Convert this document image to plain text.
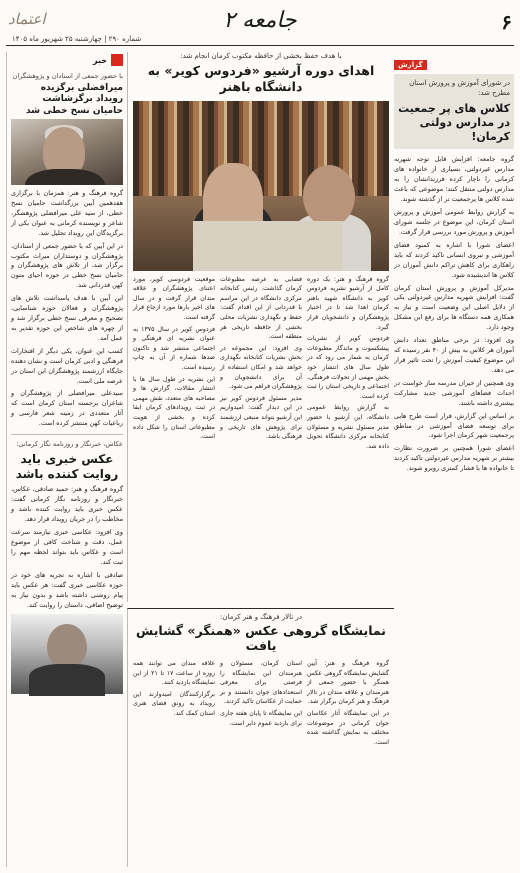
۶
جامعه ۲
اعتماد
شماره ۲۹۰ | چهارشنبه ۲۵ شهریور ماه ۱۴۰۵
خبر
با حضور جمعی از استادان و پژوهشگران
میرافضلی برگزیده رویداد برگزشاشت حامیان نسخ خطی شد

گروه فرهنگ و هنر: همزمان با برگزاری هفدهمین آیین بزرگداشت حامیان نسخ خطی، از سید علی میرافضلی پژوهشگر، شاعر و نویسنده کرمانی به عنوان یکی از برگزیدگان این رویداد تجلیل شد.

در این آیین که با حضور جمعی از استادان، پژوهشگران و دوستداران میراث مکتوب برگزار شد، از تلاش های پژوهشگران و حامیان نسخ خطی در حوزه احیای متون کهن قدردانی شد.

این آیین با هدف پاسداشت تلاش های پژوهشگران و فعالان حوزه شناسایی، تصحیح و معرفی نسخ خطی برگزار شد و از چهره های شاخص این حوزه تقدیر به عمل آمد.

کسب این عنوان، یکی دیگر از افتخارات فرهنگی و ادبی کرمان است و نشان دهنده جایگاه ارزشمند پژوهشگران این استان در عرصه ملی است.

سیدعلی میرافضلی از پژوهشگران و شاعران برجسته استان کرمان است که آثار متعددی در زمینه شعر فارسی و رباعیات کهن منتشر کرده است.

عکاس، خبرنگار و روزنامه نگار کرمانی:
عکس خبری باید روایت کننده باشد

گروه فرهنگ و هنر: حمید صادقی، عکاس، خبرنگار و روزنامه نگار کرمانی گفت: عکس خبری باید روایت کننده باشد و مخاطب را در جریان رویداد قرار دهد.

وی افزود: عکاسی خبری نیازمند سرعت عمل، دقت و شناخت کافی از موضوع است و عکاس باید بتواند لحظه مهم را ثبت کند.

صادقی با اشاره به تجربه های خود در حوزه عکاسی خبری گفت: هر عکس باید پیام روشنی داشته باشد و بدون نیاز به توضیح اضافی، داستان را روایت کند.

با هدف حفظ بخشی از حافظه مکتوب کرمان انجام شد:
اهدای دوره آرشیو «فردوس کویر» به دانشگاه باهنر

گروه فرهنگ و هنر: یک دوره کامل از آرشیو نشریه فردوس کویر به دانشگاه شهید باهنر کرمان اهدا شد تا در اختیار پژوهشگران و دانشجویان قرار گیرد.

فردوس کویر از نشریات پیشکسوت و ماندگار مطبوعات کرمان به شمار می رود که در طول سال های انتشار خود بخش مهمی از تحولات فرهنگی، اجتماعی و تاریخی استان را ثبت کرده است.

به گزارش روابط عمومی دانشگاه، این آرشیو با حضور مدیر مسئول نشریه و مسئولان کتابخانه مرکزی دانشگاه تحویل داده شد.

فضایی به عرصه مطبوعات کرمان گذاشت. رئیس کتابخانه مرکزی دانشگاه در این مراسم با قدردانی از این اقدام گفت: حفظ و نگهداری نشریات محلی بخشی از حافظه تاریخی هر منطقه است.

وی افزود: این مجموعه در بخش نشریات کتابخانه نگهداری خواهد شد و امکان استفاده از آن برای دانشجویان و پژوهشگران فراهم می شود.

مدیر مسئول فردوس کویر نیز در این دیدار گفت: امیدواریم این آرشیو بتواند منبعی ارزشمند برای پژوهش های تاریخی و فرهنگی باشد.

موقعیت فردوسی کویر، مورد اعتنای پژوهشگران و علاقه مندان قرار گرفت و در سال های اخیر بارها مورد ارجاع قرار گرفته است.

فردوس کویر در سال ۱۳۷۵ به عنوان نشریه ای فرهنگی و اجتماعی منتشر شد و تاکنون صدها شماره از آن به چاپ رسیده است.

این نشریه در طول سال ها با انتشار مقالات، گزارش ها و مصاحبه های متعدد، نقش مهمی در ثبت رویدادهای کرمان ایفا کرده و بخشی از هویت مطبوعاتی استان را شکل داده است.

در تالار فرهنگ و هنر کرمان:
نمایشگاه گروهی عکس «همنگر» گشایش یافت

گروه فرهنگ و هنر: آیین گشایش نمایشگاه گروهی عکس همنگر با حضور جمعی از هنرمندان و علاقه مندان در تالار فرهنگ و هنر کرمان برگزار شد.

در این نمایشگاه آثار عکاسان جوان کرمانی در موضوعات مختلف به نمایش گذاشته شده است.

استان کرمان، مسئولان و هنرمندان این نمایشگاه را فرصتی برای معرفی استعدادهای جوان دانستند و بر حمایت از عکاسان تاکید کردند.

این نمایشگاه تا پایان هفته جاری برای بازدید عموم دایر است.

علاقه مندان می توانند همه روزه از ساعت ۱۷ تا ۲۱ از این نمایشگاه بازدید کنند.

برگزارکنندگان امیدوارند این رویداد به رونق فضای هنری استان کمک کند.

گزارش
در شورای آموزش و پرورش استان مطرح شد:
کلاس های پر جمعیت در مدارس دولتی کرمان!

گروه جامعه: افزایش قابل توجه شهریه مدارس غیردولتی، بسیاری از خانواده های کرمانی را ناچار کرده فرزندانشان را به مدارس دولتی منتقل کنند؛ موضوعی که باعث شده کلاس ها پرجمعیت تر از گذشته شوند.

به گزارش روابط عمومی آموزش و پرورش استان کرمان، این موضوع در جلسه شورای آموزش و پرورش مورد بررسی قرار گرفت.

اعضای شورا با اشاره به کمبود فضای آموزشی و نیروی انسانی تاکید کردند که باید راهکاری برای کاهش تراکم دانش آموزان در کلاس ها اندیشیده شود.

مدیرکل آموزش و پرورش استان کرمان گفت: افزایش شهریه مدارس غیردولتی یکی از دلایل اصلی این وضعیت است و نیاز به همکاری همه دستگاه ها برای رفع این مشکل وجود دارد.

وی افزود: در برخی مناطق تعداد دانش آموزان هر کلاس به بیش از ۴۰ نفر رسیده که این موضوع کیفیت آموزش را تحت تاثیر قرار می دهد.

وی همچنین از خیران مدرسه ساز خواست در احداث فضاهای آموزشی جدید مشارکت بیشتری داشته باشند.

بر اساس این گزارش، قرار است طرح هایی برای توسعه فضای آموزشی در مناطق پرجمعیت شهر کرمان اجرا شود.

اعضای شورا همچنین بر ضرورت نظارت بیشتر بر شهریه مدارس غیردولتی تاکید کردند تا خانواده ها با فشار کمتری روبرو شوند.
